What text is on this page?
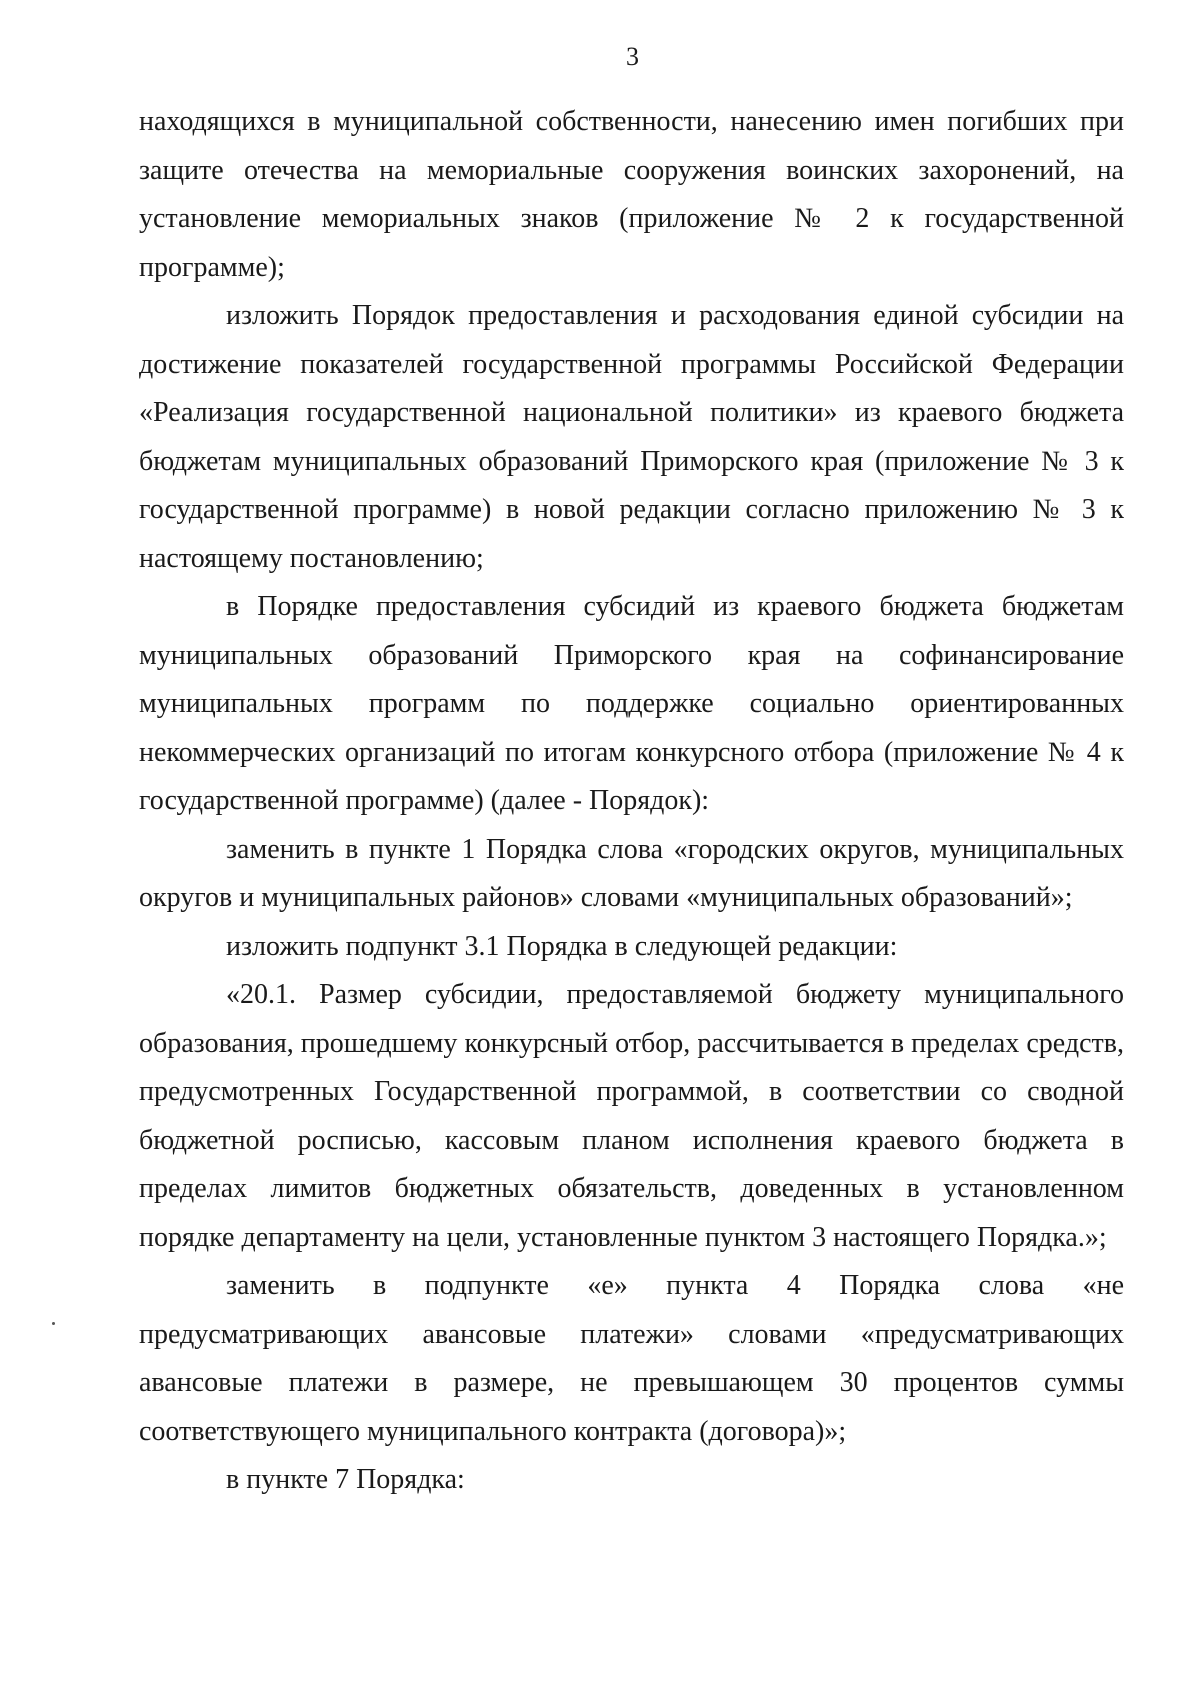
3

находящихся в муниципальной собственности, нанесению имен погибших при защите отечества на мемориальные сооружения воинских захоронений, на установление мемориальных знаков (приложение № 2 к государственной программе);

изложить Порядок предоставления и расходования единой субсидии на достижение показателей государственной программы Российской Федерации «Реализация государственной национальной политики» из краевого бюджета бюджетам муниципальных образований Приморского края (приложение № 3 к государственной программе) в новой редакции согласно приложению № 3 к настоящему постановлению;

в Порядке предоставления субсидий из краевого бюджета бюджетам муниципальных образований Приморского края на софинансирование муниципальных программ по поддержке социально ориентированных некоммерческих организаций по итогам конкурсного отбора (приложение № 4 к государственной программе) (далее - Порядок):

заменить в пункте 1 Порядка слова «городских округов, муниципальных округов и муниципальных районов» словами «муниципальных образований»;

изложить подпункт 3.1 Порядка в следующей редакции:

«20.1. Размер субсидии, предоставляемой бюджету муниципального образования, прошедшему конкурсный отбор, рассчитывается в пределах средств, предусмотренных Государственной программой, в соответствии со сводной бюджетной росписью, кассовым планом исполнения краевого бюджета в пределах лимитов бюджетных обязательств, доведенных в установленном порядке департаменту на цели, установленные пунктом 3 настоящего Порядка.»;

заменить в подпункте «е» пункта 4 Порядка слова «не предусматривающих авансовые платежи» словами «предусматривающих авансовые платежи в размере, не превышающем 30 процентов суммы соответствующего муниципального контракта (договора)»;

в пункте 7 Порядка:
